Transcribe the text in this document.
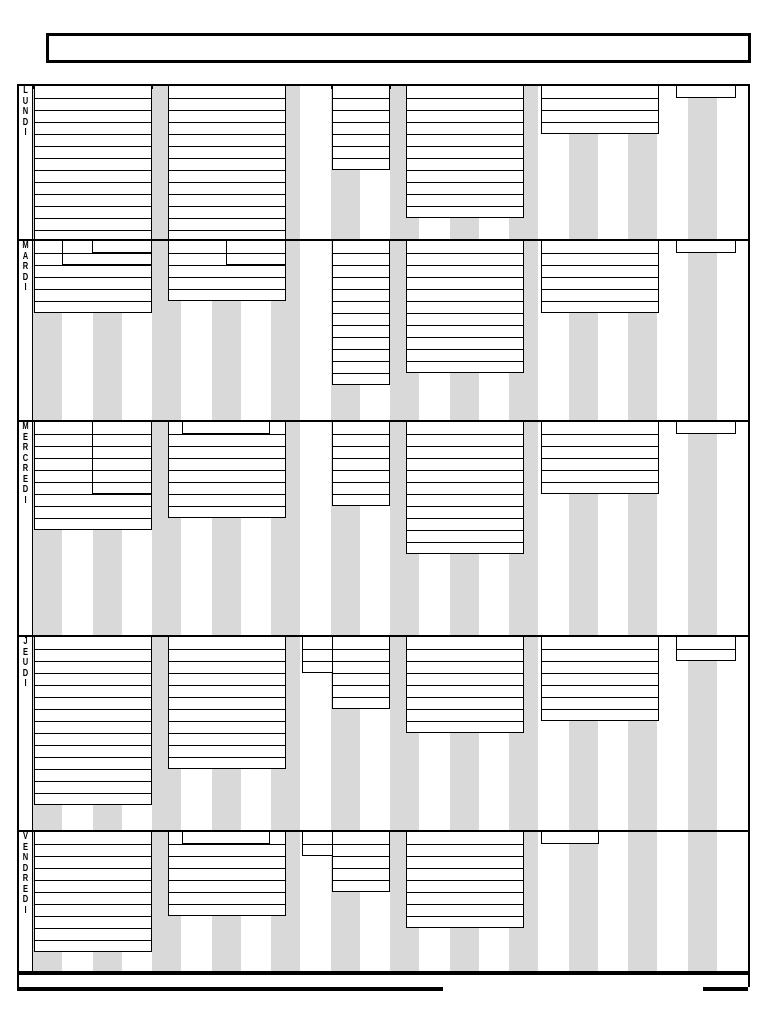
L
U
N
D
I
M
A
R
D
I
M
E
R
C
R
E
D
I
J
E
U
D
I
V
E
N
D
R
E
D
I
